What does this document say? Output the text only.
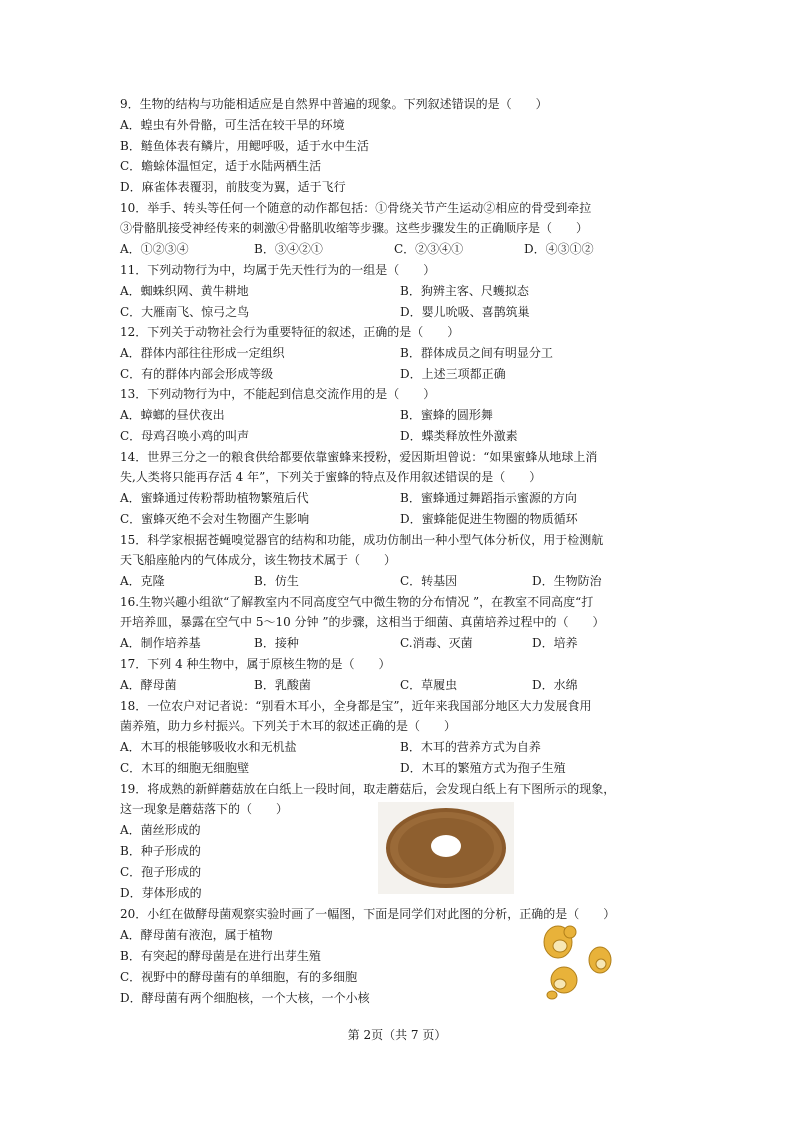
9．生物的结构与功能相适应是自然界中普遍的现象。下列叙述错误的是（　　）
A．蝗虫有外骨骼，可生活在较干旱的环境
B．鲢鱼体表有鳞片，用鳃呼吸，适于水中生活
C．蟾蜍体温恒定，适于水陆两栖生活
D．麻雀体表覆羽，前肢变为翼，适于飞行
10．举手、转头等任何一个随意的动作都包括：①骨绕关节产生运动②相应的骨受到牵拉
③骨骼肌接受神经传来的刺激④骨骼肌收缩等步骤。这些步骤发生的正确顺序是（　　）
A．①②③④	B．③④②①	C．②③④①	D．④③①②
11．下列动物行为中，均属于先天性行为的一组是（　　）
A．蜘蛛织网、黄牛耕地	B．狗辨主客、尺蠖拟态
C．大雁南飞、惊弓之鸟	D．婴儿吮吸、喜鹊筑巢
12．下列关于动物社会行为重要特征的叙述，正确的是（　　）
A．群体内部往往形成一定组织	B．群体成员之间有明显分工
C．有的群体内部会形成等级	D．上述三项都正确
13．下列动物行为中，不能起到信息交流作用的是（　　）
A．蟑螂的昼伏夜出	B．蜜蜂的圆形舞
C．母鸡召唤小鸡的叫声	D．蝶类释放性外激素
14．世界三分之一的粮食供给都要依靠蜜蜂来授粉，爱因斯坦曾说：“如果蜜蜂从地球上消
失,人类将只能再存活 4 年”，下列关于蜜蜂的特点及作用叙述错误的是（　　）
A．蜜蜂通过传粉帮助植物繁殖后代	B．蜜蜂通过舞蹈指示蜜源的方向
C．蜜蜂灭绝不会对生物圈产生影响	D．蜜蜂能促进生物圈的物质循环
15．科学家根据苍蝇嗅觉器官的结构和功能，成功仿制出一种小型气体分析仪，用于检测航
天飞船座舱内的气体成分，该生物技术属于（　　）
A．克隆	B．仿生	C．转基因	D．生物防治
16.生物兴趣小组欲“了解教室内不同高度空气中微生物的分布情况 ”，在教室不同高度“打
开培养皿，暴露在空气中 5～10 分钟 ”的步骤，这相当于细菌、真菌培养过程中的（　　）
A．制作培养基	B．接种	C.消毒、灭菌	D．培养
17．下列 4 种生物中，属于原核生物的是（　　）
A．酵母菌	B．乳酸菌	C．草履虫	D．水绵
18．一位农户对记者说：“别看木耳小，全身都是宝”，近年来我国部分地区大力发展食用
菌养殖，助力乡村振兴。下列关于木耳的叙述正确的是（　　）
A．木耳的根能够吸收水和无机盐	B．木耳的营养方式为自养
C．木耳的细胞无细胞壁	D．木耳的繁殖方式为孢子生殖
19．将成熟的新鲜蘑菇放在白纸上一段时间，取走蘑菇后，会发现白纸上有下图所示的现象，
这一现象是蘑菇落下的（　　）
A．菌丝形成的
B．种子形成的
C．孢子形成的
D．芽体形成的
20．小红在做酵母菌观察实验时画了一幅图，下面是同学们对此图的分析，正确的是（　　）
A．酵母菌有液泡，属于植物
B．有突起的酵母菌是在进行出芽生殖
C．视野中的酵母菌有的单细胞，有的多细胞
D．酵母菌有两个细胞核，一个大核，一个小核
第 2页（共 7 页）
